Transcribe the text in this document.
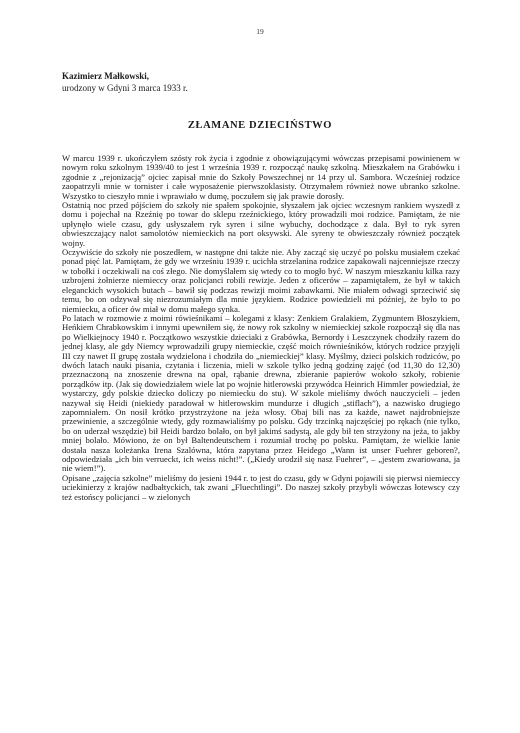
19
Kazimierz Małkowski,
urodzony w Gdyni 3 marca 1933 r.
ZŁAMANE DZIECIŃSTWO

W marcu 1939 r. ukończyłem szósty rok życia i zgodnie z obowiązującymi wówczas przepisami powinienem w nowym roku szkolnym 1939/40 to jest 1 września 1939 r. rozpocząć naukę szkolną. Mieszkałem na Grabówku i zgodnie z „rejonizacją” ojciec zapisał mnie do Szkoły Powszechnej nr 14 przy ul. Sambora. Wcześniej rodzice zaopatrzyli mnie w tornister i całe wyposażenie pierwszoklasisty. Otrzymałem również nowe ubranko szkolne. Wszystko to cieszyło mnie i wprawiało w dumę, poczułem się jak prawie dorosły.

Ostatnią noc przed pójściem do szkoły nie spałem spokojnie, słyszałem jak ojciec wczesnym rankiem wyszedł z domu i pojechał na Rzeźnię po towar do sklepu rzeźnickiego, który prowadzili moi rodzice. Pamiętam, że nie upłynęło wiele czasu, gdy usłyszałem ryk syren i silne wybuchy, dochodzące z dala. Był to ryk syren obwieszczający nalot samolotów niemieckich na port oksywski. Ale syreny te obwieszczały również początek wojny.

Oczywiście do szkoły nie poszedłem, w następne dni także nie. Aby zacząć się uczyć po polsku musiałem czekać ponad pięć lat. Pamiętam, że gdy we wrześniu 1939 r. ucichła strzelanina rodzice zapakowali najcenniejsze rzeczy w tobołki i oczekiwali na coś złego. Nie domyślałem się wtedy co to mogło być. W naszym mieszkaniu kilka razy uzbrojeni żołnierze niemieccy oraz policjanci robili rewizje. Jeden z oficerów – zapamiętałem, że był w takich eleganckich wysokich butach – bawił się podczas rewizji moimi zabawkami. Nie miałem odwagi sprzeciwić się temu, bo on odzywał się niezrozumiałym dla mnie językiem. Rodzice powiedzieli mi później, że było to po niemiecku, a oficer ów miał w domu małego synka.

Po latach w rozmowie z moimi rówieśnikami – kolegami z klasy: Zenkiem Gralakiem, Zygmuntem Błoszykiem, Heńkiem Chrabkowskim i innymi upewniłem się, że nowy rok szkolny w niemieckiej szkole rozpoczął się dla nas po Wielkiejnocy 1940 r. Początkowo wszystkie dzieciaki z Grabówka, Bernordy i Leszczynek chodziły razem do jednej klasy, ale gdy Niemcy wprowadzili grupy niemieckie, część moich równieśników, których rodzice przyjęli III czy nawet II grupę została wydzielona i chodziła do „niemieckiej” klasy. Myślmy, dzieci polskich rodziców, po dwóch latach nauki pisania, czytania i liczenia, mieli w szkole tylko jedną godzinę zajęć (od 11,30 do 12,30) przeznaczoną na znoszenie drewna na opał, rąbanie drewna, zbieranie papierów wokoło szkoły, robienie porządków itp. (Jak się dowiedziałem wiele lat po wojnie hitlerowski przywódca Heinrich Himmler powiedział, że wystarczy, gdy polskie dziecko doliczy po niemiecku do stu). W szkole mieliśmy dwóch nauczycieli – jeden nazywał się Heidi (niekiedy paradował w hitlerowskim mundurze i długich „stiflach”), a nazwisko drugiego zapomniałem. On nosił krótko przystrzyżone na jeża włosy. Obaj bili nas za każde, nawet najdrobniejsze przewinienie, a szczególnie wtedy, gdy rozmawialiśmy po polsku. Gdy trzcinką najczęściej po rękach (nie tylko, bo on uderzał wszędzie) bił Heidi bardzo bolało, on był jakimś sadystą, ale gdy bił ten strzyżony na jeża, to jakby mniej bolało. Mówiono, że on był Baltendeutschem i rozumiał trochę po polsku. Pamiętam, że wielkie lanie dostała nasza koleżanka Irena Szalówna, która zapytana przez Heidego „Wann ist unser Fuehrer geboren?, odpowiedziała „ich bin verrueckt, ich weiss nicht!”. („Kiedy urodził się nasz Fuehrer”, – „jestem zwariowana, ja nie wiem!”).

Opisane „zajęcia szkolne” mieliśmy do jesieni 1944 r. to jest do czasu, gdy w Gdyni pojawili się pierwsi niemieccy uciekinierzy z krajów nadbałtyckich, tak zwani „Fluechtlingi”. Do naszej szkoły przybyli wówczas łotewscy czy też estońscy policjanci – w zielonych
